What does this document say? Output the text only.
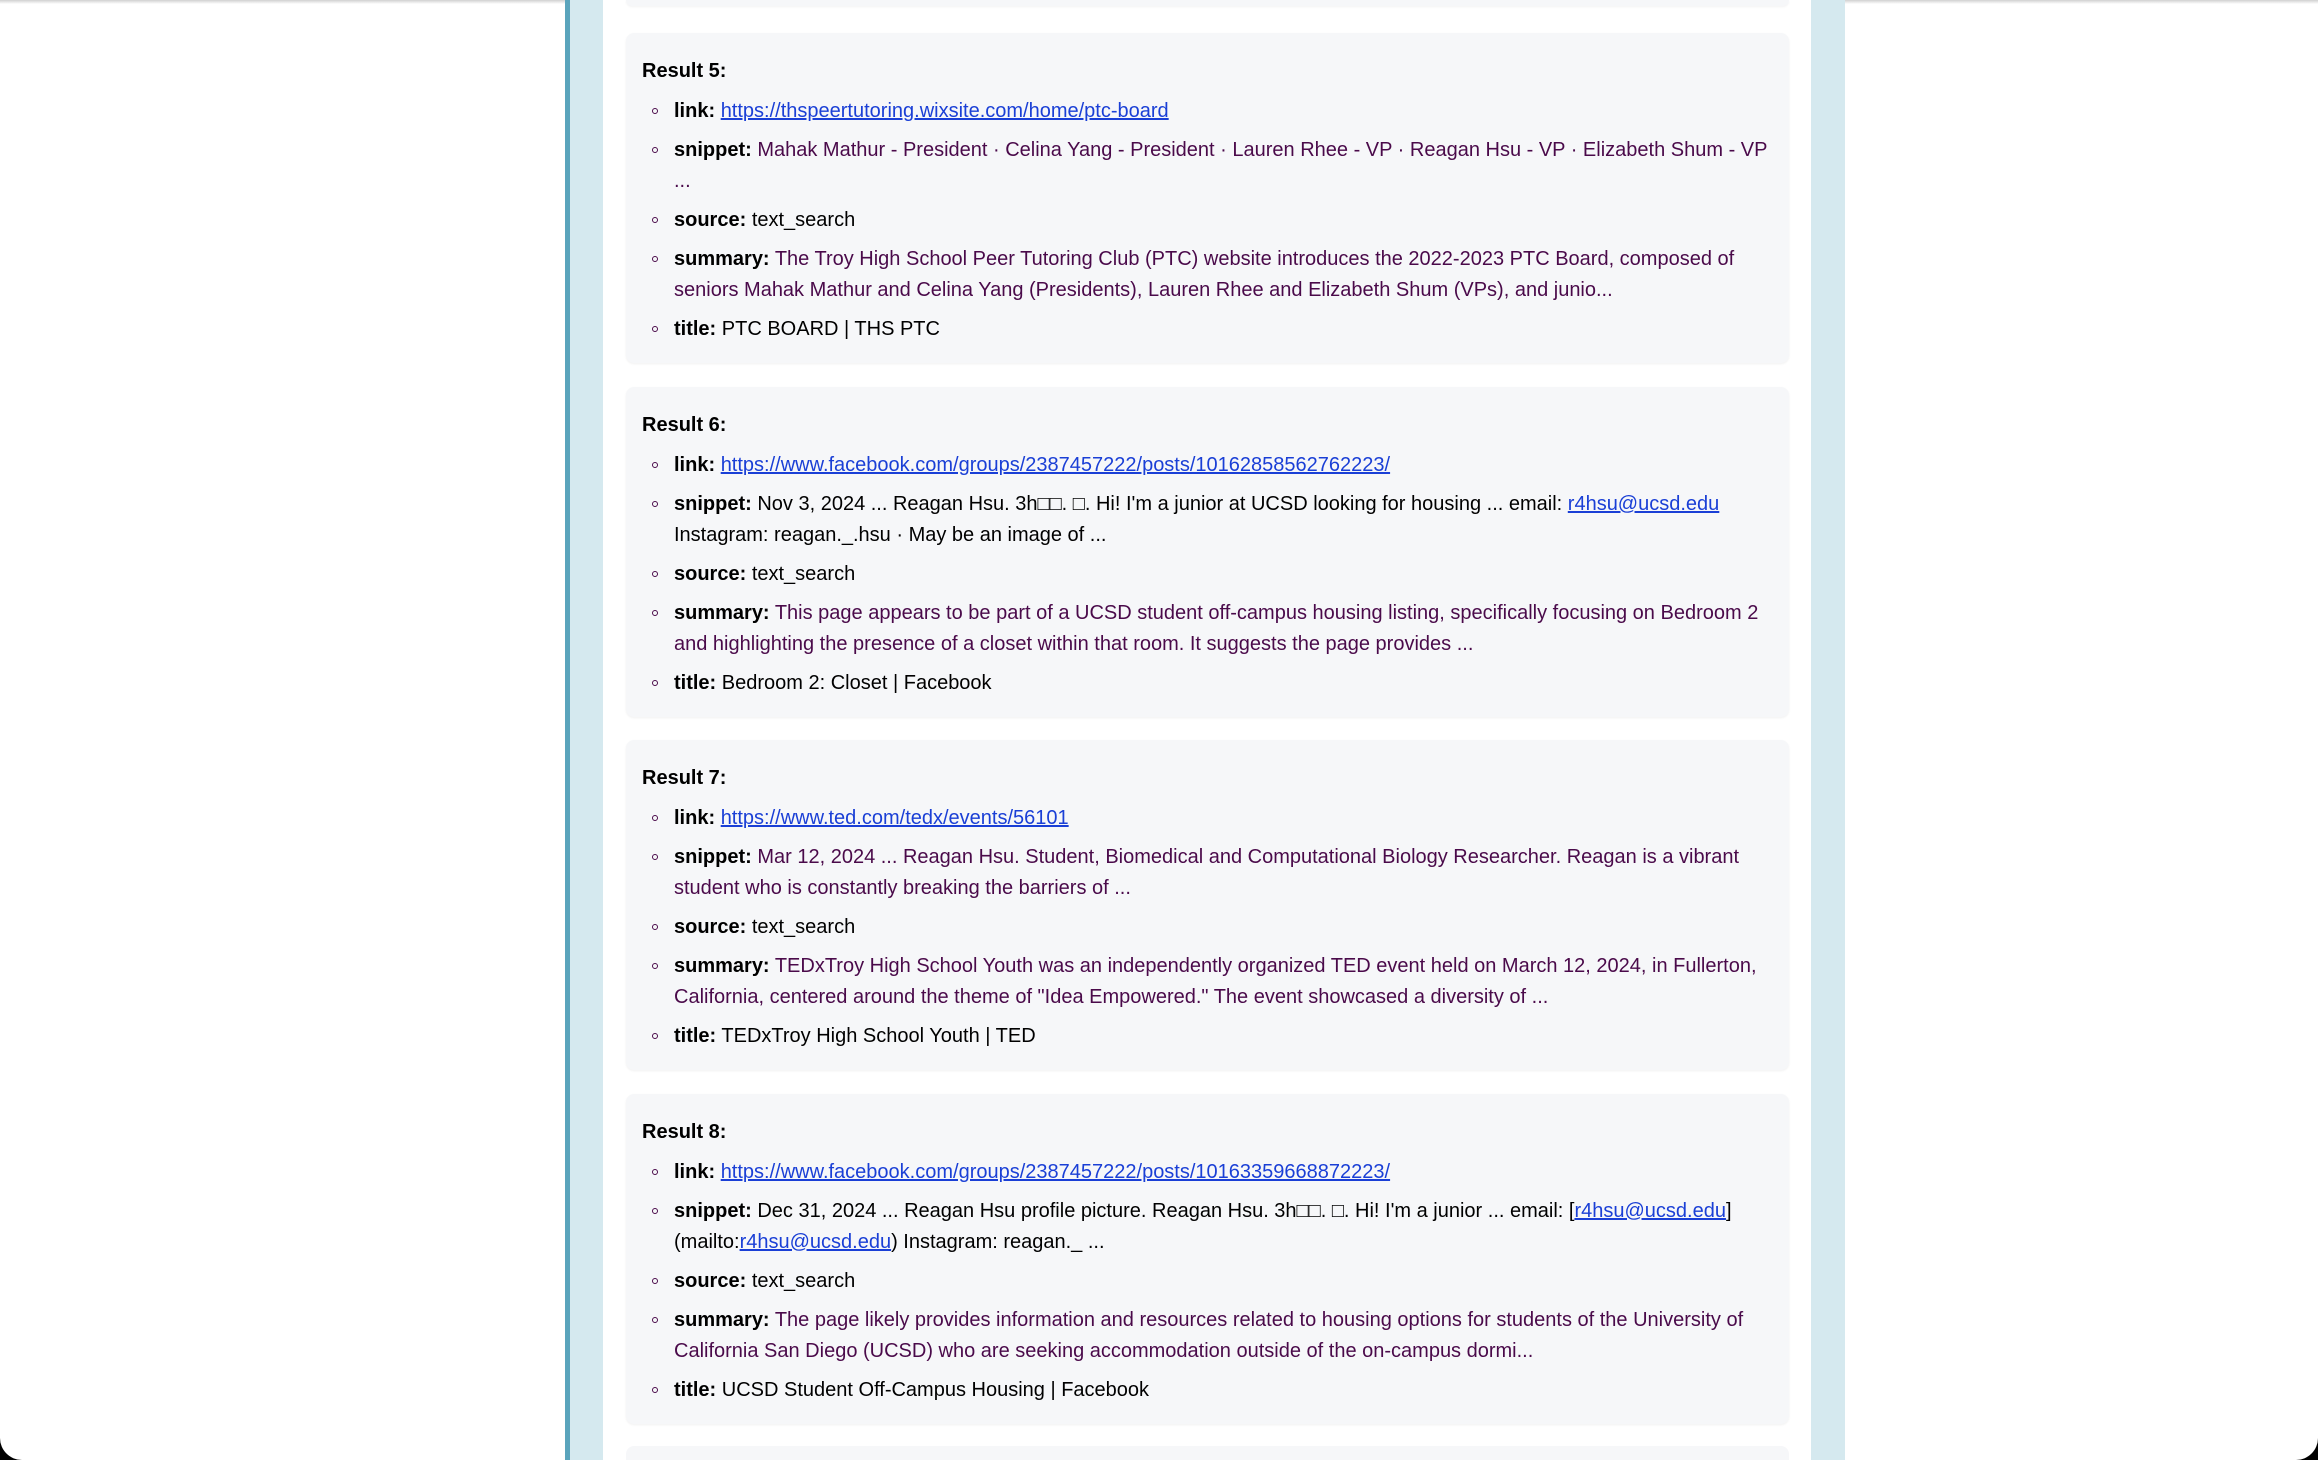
Result 5:
link: https://thspeertutoring.wixsite.com/home/ptc-board
snippet: Mahak Mathur - President · Celina Yang - President · Lauren Rhee - VP · Reagan Hsu - VP · Elizabeth Shum - VP ...
source: text_search
summary: The Troy High School Peer Tutoring Club (PTC) website introduces the 2022-2023 PTC Board, composed of seniors Mahak Mathur and Celina Yang (Presidents), Lauren Rhee and Elizabeth Shum (VPs), and junio...
title: PTC BOARD | THS PTC
Result 6:
link: https://www.facebook.com/groups/2387457222/posts/10162858562762223/
snippet: Nov 3, 2024 ... Reagan Hsu. 3h□□. □. Hi! I'm a junior at UCSD looking for housing ... email: r4hsu@ucsd.edu Instagram: reagan._.hsu · May be an image of ...
source: text_search
summary: This page appears to be part of a UCSD student off-campus housing listing, specifically focusing on Bedroom 2 and highlighting the presence of a closet within that room. It suggests the page provides ...
title: Bedroom 2: Closet | Facebook
Result 7:
link: https://www.ted.com/tedx/events/56101
snippet: Mar 12, 2024 ... Reagan Hsu. Student, Biomedical and Computational Biology Researcher. Reagan is a vibrant student who is constantly breaking the barriers of ...
source: text_search
summary: TEDxTroy High School Youth was an independently organized TED event held on March 12, 2024, in Fullerton, California, centered around the theme of "Idea Empowered." The event showcased a diversity of ...
title: TEDxTroy High School Youth | TED
Result 8:
link: https://www.facebook.com/groups/2387457222/posts/10163359668872223/
snippet: Dec 31, 2024 ... Reagan Hsu profile picture. Reagan Hsu. 3h□□. □. Hi! I'm a junior ... email: [r4hsu@ucsd.edu](mailto:r4hsu@ucsd.edu) Instagram: reagan._ ...
source: text_search
summary: The page likely provides information and resources related to housing options for students of the University of California San Diego (UCSD) who are seeking accommodation outside of the on-campus dormi...
title: UCSD Student Off-Campus Housing | Facebook
